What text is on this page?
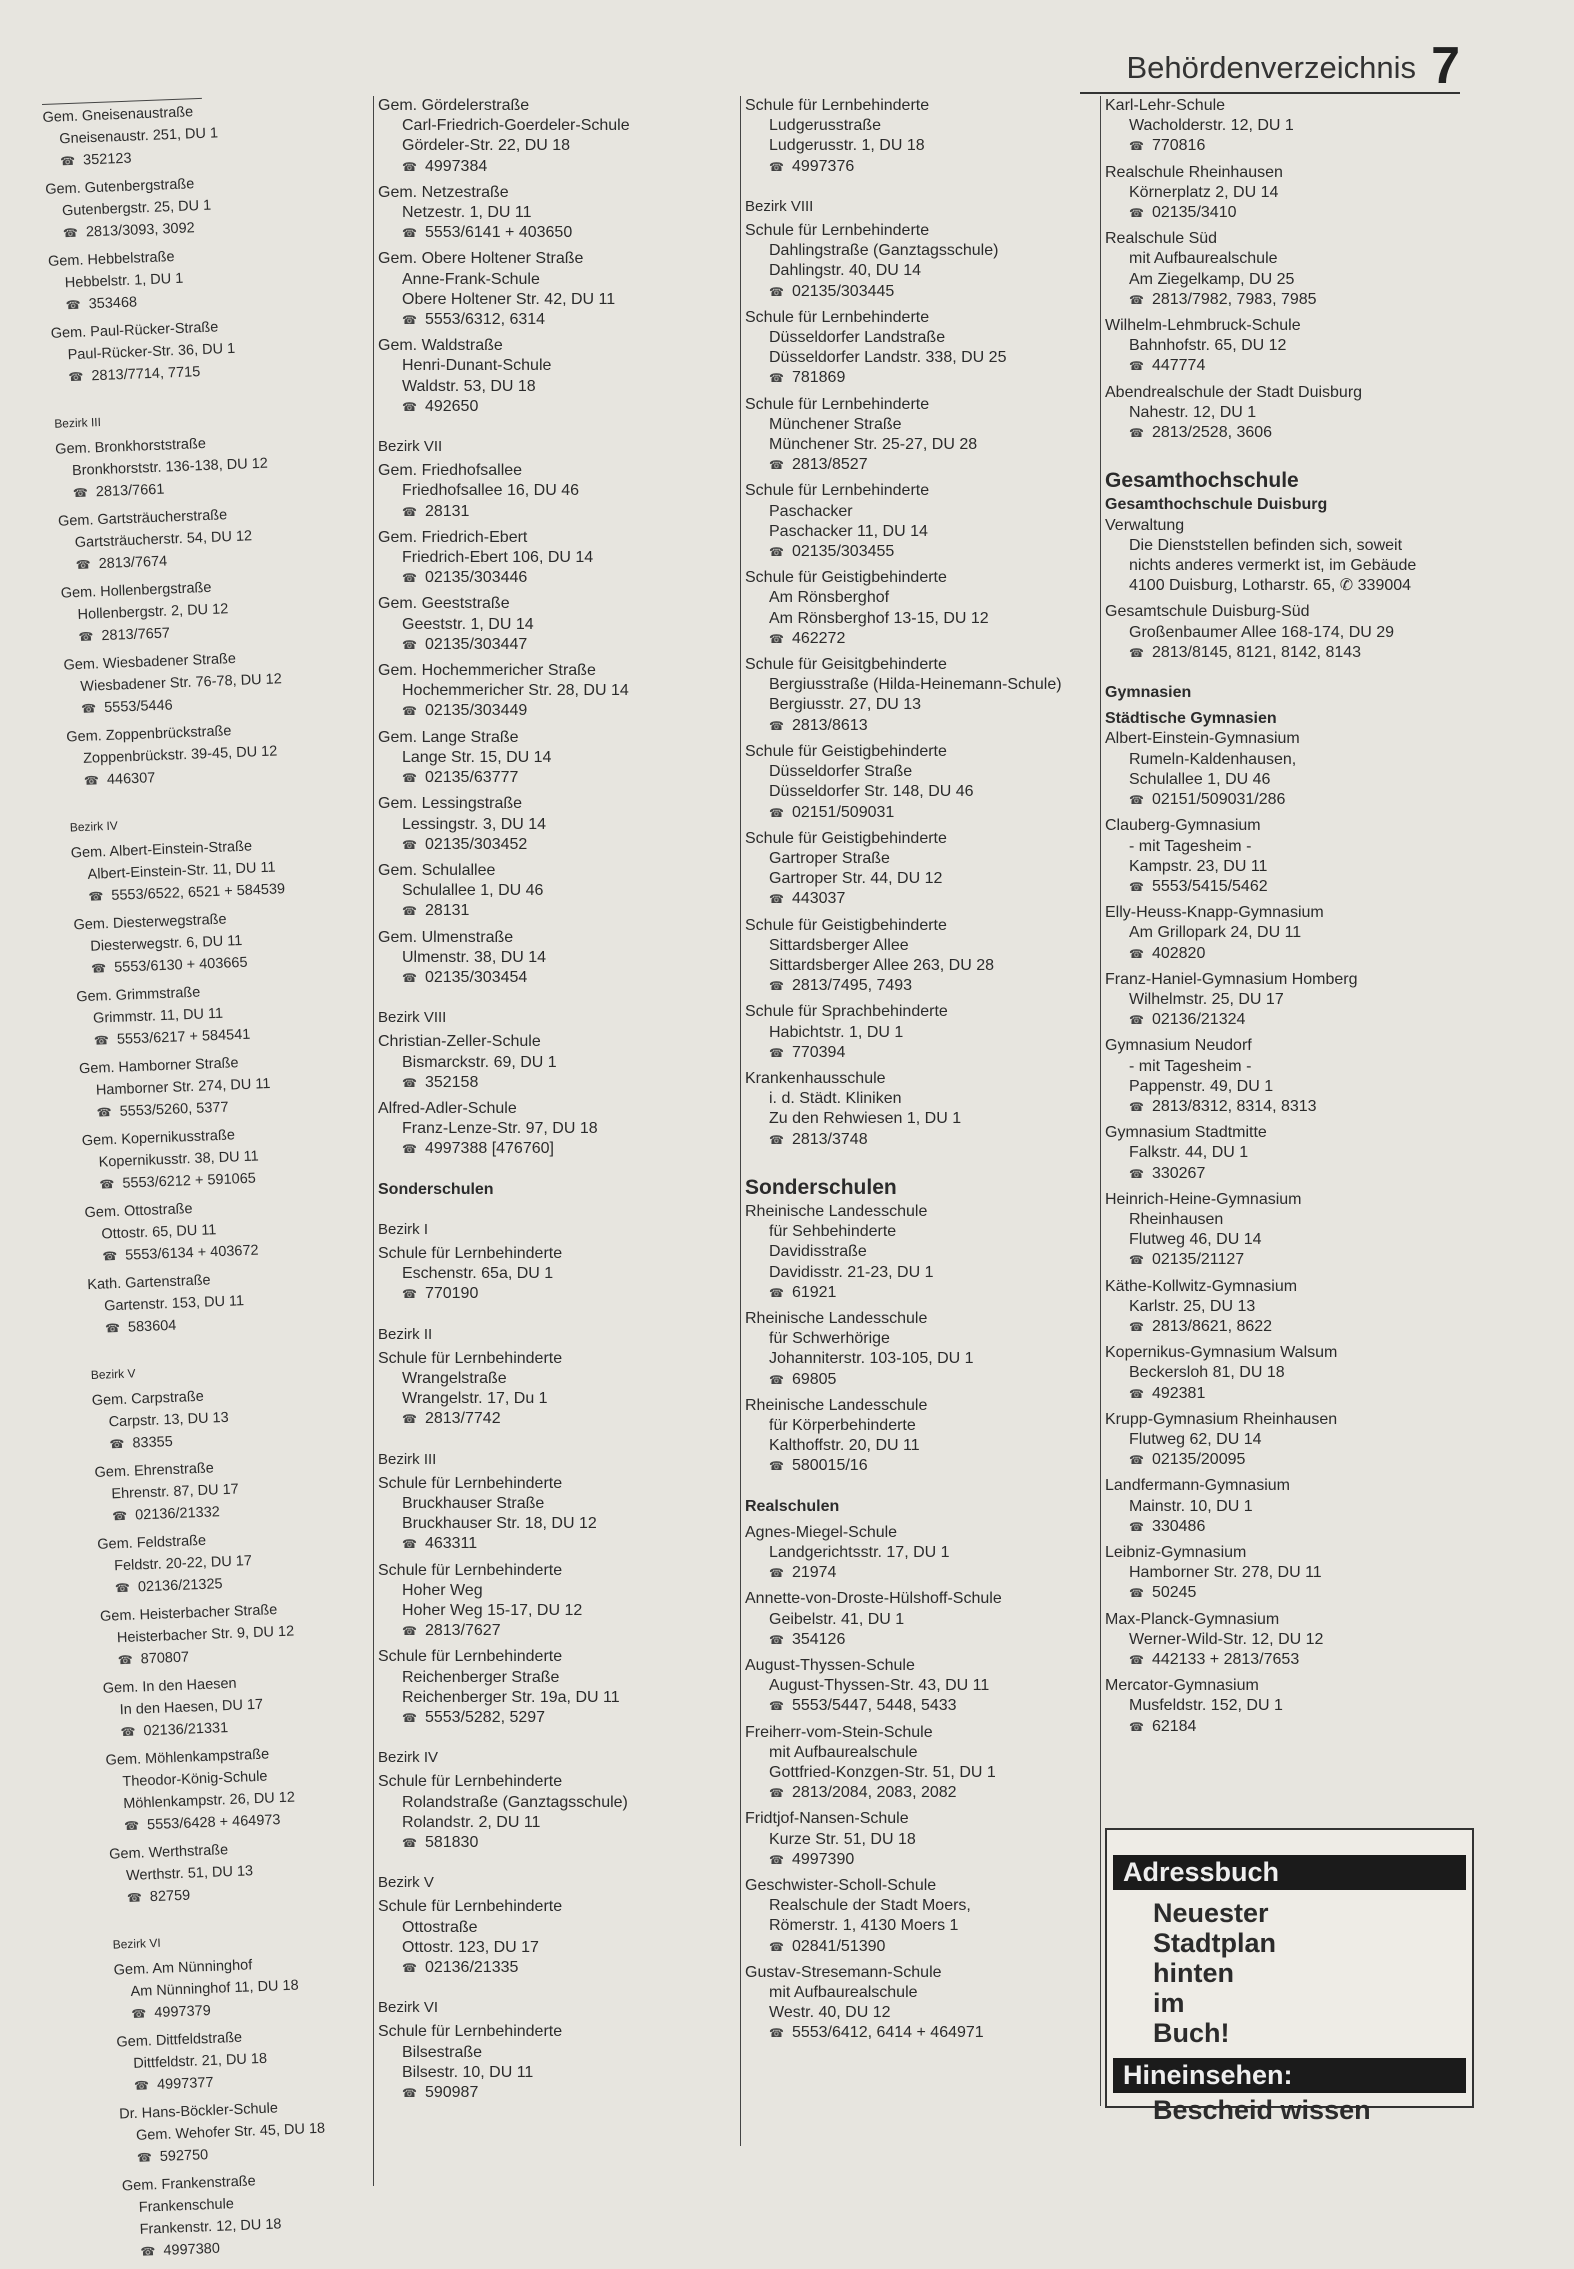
Behördenverzeichnis 7
Gem. Gneisenaustraße
Gneisenaustr. 251, DU 1
☎ 352123
Gem. Gutenbergstraße
Gutenbergstr. 25, DU 1
☎ 2813/3093, 3092
Gem. Hebbelstraße
Hebbelstr. 1, DU 1
☎ 353468
Gem. Paul-Rücker-Straße
Paul-Rücker-Str. 36, DU 1
☎ 2813/7714, 7715
Bezirk III
Gem. Bronkhorststraße
Bronkhorststr. 136-138, DU 12
☎ 2813/7661
Gem. Gartsträucherstraße
Gartsträucherstr. 54, DU 12
☎ 2813/7674
Gem. Hollenbergstraße
Hollenbergstr. 2, DU 12
☎ 2813/7657
Gem. Wiesbadener Straße
Wiesbadener Str. 76-78, DU 12
☎ 5553/5446
Gem. Zoppenbrückstraße
Zoppenbrückstr. 39-45, DU 12
☎ 446307
Bezirk IV
Gem. Albert-Einstein-Straße
Albert-Einstein-Str. 11, DU 11
☎ 5553/6522, 6521 + 584539
Gem. Diesterwegstraße
Diesterwegstr. 6, DU 11
☎ 5553/6130 + 403665
Gem. Grimmstraße
Grimmstr. 11, DU 11
☎ 5553/6217 + 584541
Gem. Hamborner Straße
Hamborner Str. 274, DU 11
☎ 5553/5260, 5377
Gem. Kopernikusstraße
Kopernikusstr. 38, DU 11
☎ 5553/6212 + 591065
Gem. Ottostraße
Ottostr. 65, DU 11
☎ 5553/6134 + 403672
Kath. Gartenstraße
Gartenstr. 153, DU 11
☎ 583604
Bezirk V
Gem. Carpstraße
Carpstr. 13, DU 13
☎ 83355
Gem. Ehrenstraße
Ehrenstr. 87, DU 17
☎ 02136/21332
Gem. Feldstraße
Feldstr. 20-22, DU 17
☎ 02136/21325
Gem. Heisterbacher Straße
Heisterbacher Str. 9, DU 12
☎ 870807
Gem. In den Haesen
In den Haesen, DU 17
☎ 02136/21331
Gem. Möhlenkampstraße
Theodor-König-Schule
Möhlenkampstr. 26, DU 12
☎ 5553/6428 + 464973
Gem. Werthstraße
Werthstr. 51, DU 13
☎ 82759
Bezirk VI
Gem. Am Nünninghof
Am Nünninghof 11, DU 18
☎ 4997379
Gem. Dittfeldstraße
Dittfeldstr. 21, DU 18
☎ 4997377
Dr. Hans-Böckler-Schule
Gem. Wehofer Str. 45, DU 18
☎ 592750
Gem. Frankenstraße
Frankenschule
Frankenstr. 12, DU 18
☎ 4997380
Gem. Gördelerstraße
Carl-Friedrich-Goerdeler-Schule
Gördeler-Str. 22, DU 18
☎ 4997384
Gem. Netzestraße
Netzestr. 1, DU 11
☎ 5553/6141 + 403650
Gem. Obere Holtener Straße
Anne-Frank-Schule
Obere Holtener Str. 42, DU 11
☎ 5553/6312, 6314
Gem. Waldstraße
Henri-Dunant-Schule
Waldstr. 53, DU 18
☎ 492650
Bezirk VII
Gem. Friedhofsallee
Friedhofsallee 16, DU 46
☎ 28131
Gem. Friedrich-Ebert
Friedrich-Ebert 106, DU 14
☎ 02135/303446
Gem. Geeststraße
Geeststr. 1, DU 14
☎ 02135/303447
Gem. Hochemmericher Straße
Hochemmericher Str. 28, DU 14
☎ 02135/303449
Gem. Lange Straße
Lange Str. 15, DU 14
☎ 02135/63777
Gem. Lessingstraße
Lessingstr. 3, DU 14
☎ 02135/303452
Gem. Schulallee
Schulallee 1, DU 46
☎ 28131
Gem. Ulmenstraße
Ulmenstr. 38, DU 14
☎ 02135/303454
Bezirk VIII
Christian-Zeller-Schule
Bismarckstr. 69, DU 1
☎ 352158
Alfred-Adler-Schule
Franz-Lenze-Str. 97, DU 18
☎ 4997388 [476760]
Sonderschulen
Bezirk I
Schule für Lernbehinderte
Eschenstr. 65a, DU 1
☎ 770190
Bezirk II
Schule für Lernbehinderte
Wrangelstraße
Wrangelstr. 17, Du 1
☎ 2813/7742
Bezirk III
Schule für Lernbehinderte
Bruckhauser Straße
Bruckhauser Str. 18, DU 12
☎ 463311
Schule für Lernbehinderte
Hoher Weg
Hoher Weg 15-17, DU 12
☎ 2813/7627
Schule für Lernbehinderte
Reichenberger Straße
Reichenberger Str. 19a, DU 11
☎ 5553/5282, 5297
Bezirk IV
Schule für Lernbehinderte
Rolandstraße (Ganztagsschule)
Rolandstr. 2, DU 11
☎ 581830
Bezirk V
Schule für Lernbehinderte
Ottostraße
Ottostr. 123, DU 17
☎ 02136/21335
Bezirk VI
Schule für Lernbehinderte
Bilsestraße
Bilsestr. 10, DU 11
☎ 590987
Schule für Lernbehinderte
Ludgerusstraße
Ludgerusstr. 1, DU 18
☎ 4997376
Bezirk VIII
Schule für Lernbehinderte
Dahlingstraße (Ganztagsschule)
Dahlingstr. 40, DU 14
☎ 02135/303445
Schule für Lernbehinderte
Düsseldorfer Landstraße
Düsseldorfer Landstr. 338, DU 25
☎ 781869
Schule für Lernbehinderte
Münchener Straße
Münchener Str. 25-27, DU 28
☎ 2813/8527
Schule für Lernbehinderte
Paschacker
Paschacker 11, DU 14
☎ 02135/303455
Schule für Geistigbehinderte
Am Rönsberghof
Am Rönsberghof 13-15, DU 12
☎ 462272
Schule für Geisitgbehinderte
Bergiusstraße (Hilda-Heinemann-Schule)
Bergiusstr. 27, DU 13
☎ 2813/8613
Schule für Geistigbehinderte
Düsseldorfer Straße
Düsseldorfer Str. 148, DU 46
☎ 02151/509031
Schule für Geistigbehinderte
Gartroper Straße
Gartroper Str. 44, DU 12
☎ 443037
Schule für Geistigbehinderte
Sittardsberger Allee
Sittardsberger Allee 263, DU 28
☎ 2813/7495, 7493
Schule für Sprachbehinderte
Habichtstr. 1, DU 1
☎ 770394
Krankenhausschule
i. d. Städt. Kliniken
Zu den Rehwiesen 1, DU 1
☎ 2813/3748
Sonderschulen
Rheinische Landesschule
für Sehbehinderte
Davidisstraße
Davidisstr. 21-23, DU 1
☎ 61921
Rheinische Landesschule
für Schwerhörige
Johanniterstr. 103-105, DU 1
☎ 69805
Rheinische Landesschule
für Körperbehinderte
Kalthoffstr. 20, DU 11
☎ 580015/16
Realschulen
Agnes-Miegel-Schule
Landgerichtsstr. 17, DU 1
☎ 21974
Annette-von-Droste-Hülshoff-Schule
Geibelstr. 41, DU 1
☎ 354126
August-Thyssen-Schule
August-Thyssen-Str. 43, DU 11
☎ 5553/5447, 5448, 5433
Freiherr-vom-Stein-Schule
mit Aufbaurealschule
Gottfried-Konzgen-Str. 51, DU 1
☎ 2813/2084, 2083, 2082
Fridtjof-Nansen-Schule
Kurze Str. 51, DU 18
☎ 4997390
Geschwister-Scholl-Schule
Realschule der Stadt Moers,
Römerstr. 1, 4130 Moers 1
☎ 02841/51390
Gustav-Stresemann-Schule
mit Aufbaurealschule
Westr. 40, DU 12
☎ 5553/6412, 6414 + 464971
Karl-Lehr-Schule
Wacholderstr. 12, DU 1
☎ 770816
Realschule Rheinhausen
Körnerplatz 2, DU 14
☎ 02135/3410
Realschule Süd
mit Aufbaurealschule
Am Ziegelkamp, DU 25
☎ 2813/7982, 7983, 7985
Wilhelm-Lehmbruck-Schule
Bahnhofstr. 65, DU 12
☎ 447774
Abendrealschule der Stadt Duisburg
Nahestr. 12, DU 1
☎ 2813/2528, 3606
Gesamthochschule
Gesamthochschule Duisburg
Verwaltung
Die Dienststellen befinden sich, soweit
nichts anderes vermerkt ist, im Gebäude
4100 Duisburg, Lotharstr. 65, ✆ 339004
Gesamtschule Duisburg-Süd
Großenbaumer Allee 168-174, DU 29
☎ 2813/8145, 8121, 8142, 8143
Gymnasien
Städtische Gymnasien
Albert-Einstein-Gymnasium
Rumeln-Kaldenhausen,
Schulallee 1, DU 46
☎ 02151/509031/286
Clauberg-Gymnasium
- mit Tagesheim -
Kampstr. 23, DU 11
☎ 5553/5415/5462
Elly-Heuss-Knapp-Gymnasium
Am Grillopark 24, DU 11
☎ 402820
Franz-Haniel-Gymnasium Homberg
Wilhelmstr. 25, DU 17
☎ 02136/21324
Gymnasium Neudorf
- mit Tagesheim -
Pappenstr. 49, DU 1
☎ 2813/8312, 8314, 8313
Gymnasium Stadtmitte
Falkstr. 44, DU 1
☎ 330267
Heinrich-Heine-Gymnasium
Rheinhausen
Flutweg 46, DU 14
☎ 02135/21127
Käthe-Kollwitz-Gymnasium
Karlstr. 25, DU 13
☎ 2813/8621, 8622
Kopernikus-Gymnasium Walsum
Beckersloh 81, DU 18
☎ 492381
Krupp-Gymnasium Rheinhausen
Flutweg 62, DU 14
☎ 02135/20095
Landfermann-Gymnasium
Mainstr. 10, DU 1
☎ 330486
Leibniz-Gymnasium
Hamborner Str. 278, DU 11
☎ 50245
Max-Planck-Gymnasium
Werner-Wild-Str. 12, DU 12
☎ 442133 + 2813/7653
Mercator-Gymnasium
Musfeldstr. 152, DU 1
☎ 62184
Adressbuch
Neuester
Stadtplan
hinten
im
Buch!
Hineinsehen:
Bescheid wissen
